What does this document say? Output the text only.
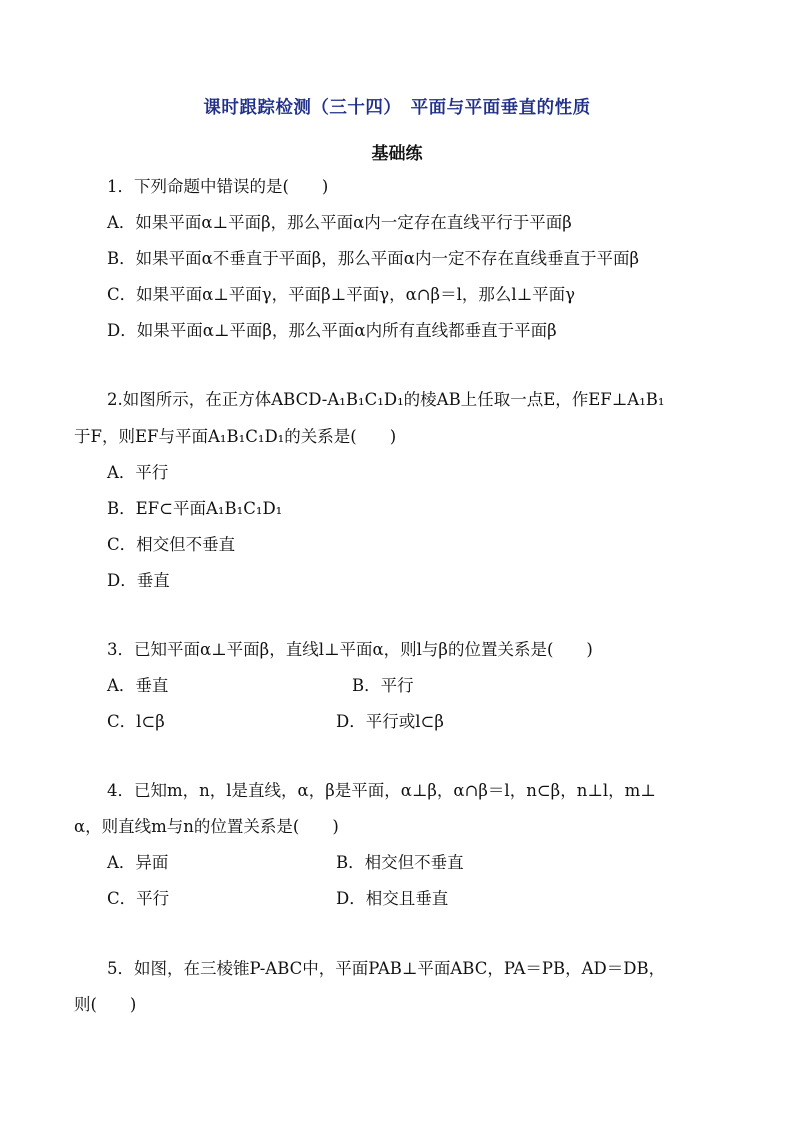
课时跟踪检测（三十四）　平面与平面垂直的性质
基础练
1．下列命题中错误的是(　　)
A．如果平面α⊥平面β，那么平面α内一定存在直线平行于平面β
B．如果平面α不垂直于平面β，那么平面α内一定不存在直线垂直于平面β
C．如果平面α⊥平面γ，平面β⊥平面γ，α∩β＝l，那么l⊥平面γ
D．如果平面α⊥平面β，那么平面α内所有直线都垂直于平面β
2.如图所示，在正方体ABCD-A₁B₁C₁D₁的棱AB上任取一点E，作EF⊥A₁B₁
于F，则EF与平面A₁B₁C₁D₁的关系是(　　)
A．平行
B．EF⊂平面A₁B₁C₁D₁
C．相交但不垂直
D．垂直
3．已知平面α⊥平面β，直线l⊥平面α，则l与β的位置关系是(　　)
A．垂直	B．平行
C．l⊂β	D．平行或l⊂β
4．已知m，n，l是直线，α，β是平面，α⊥β，α∩β＝l，n⊂β，n⊥l，m⊥
α，则直线m与n的位置关系是(　　)
A．异面	B．相交但不垂直
C．平行	D．相交且垂直
5．如图，在三棱锥P-ABC中，平面PAB⊥平面ABC，PA＝PB，AD＝DB，
则(　　)
